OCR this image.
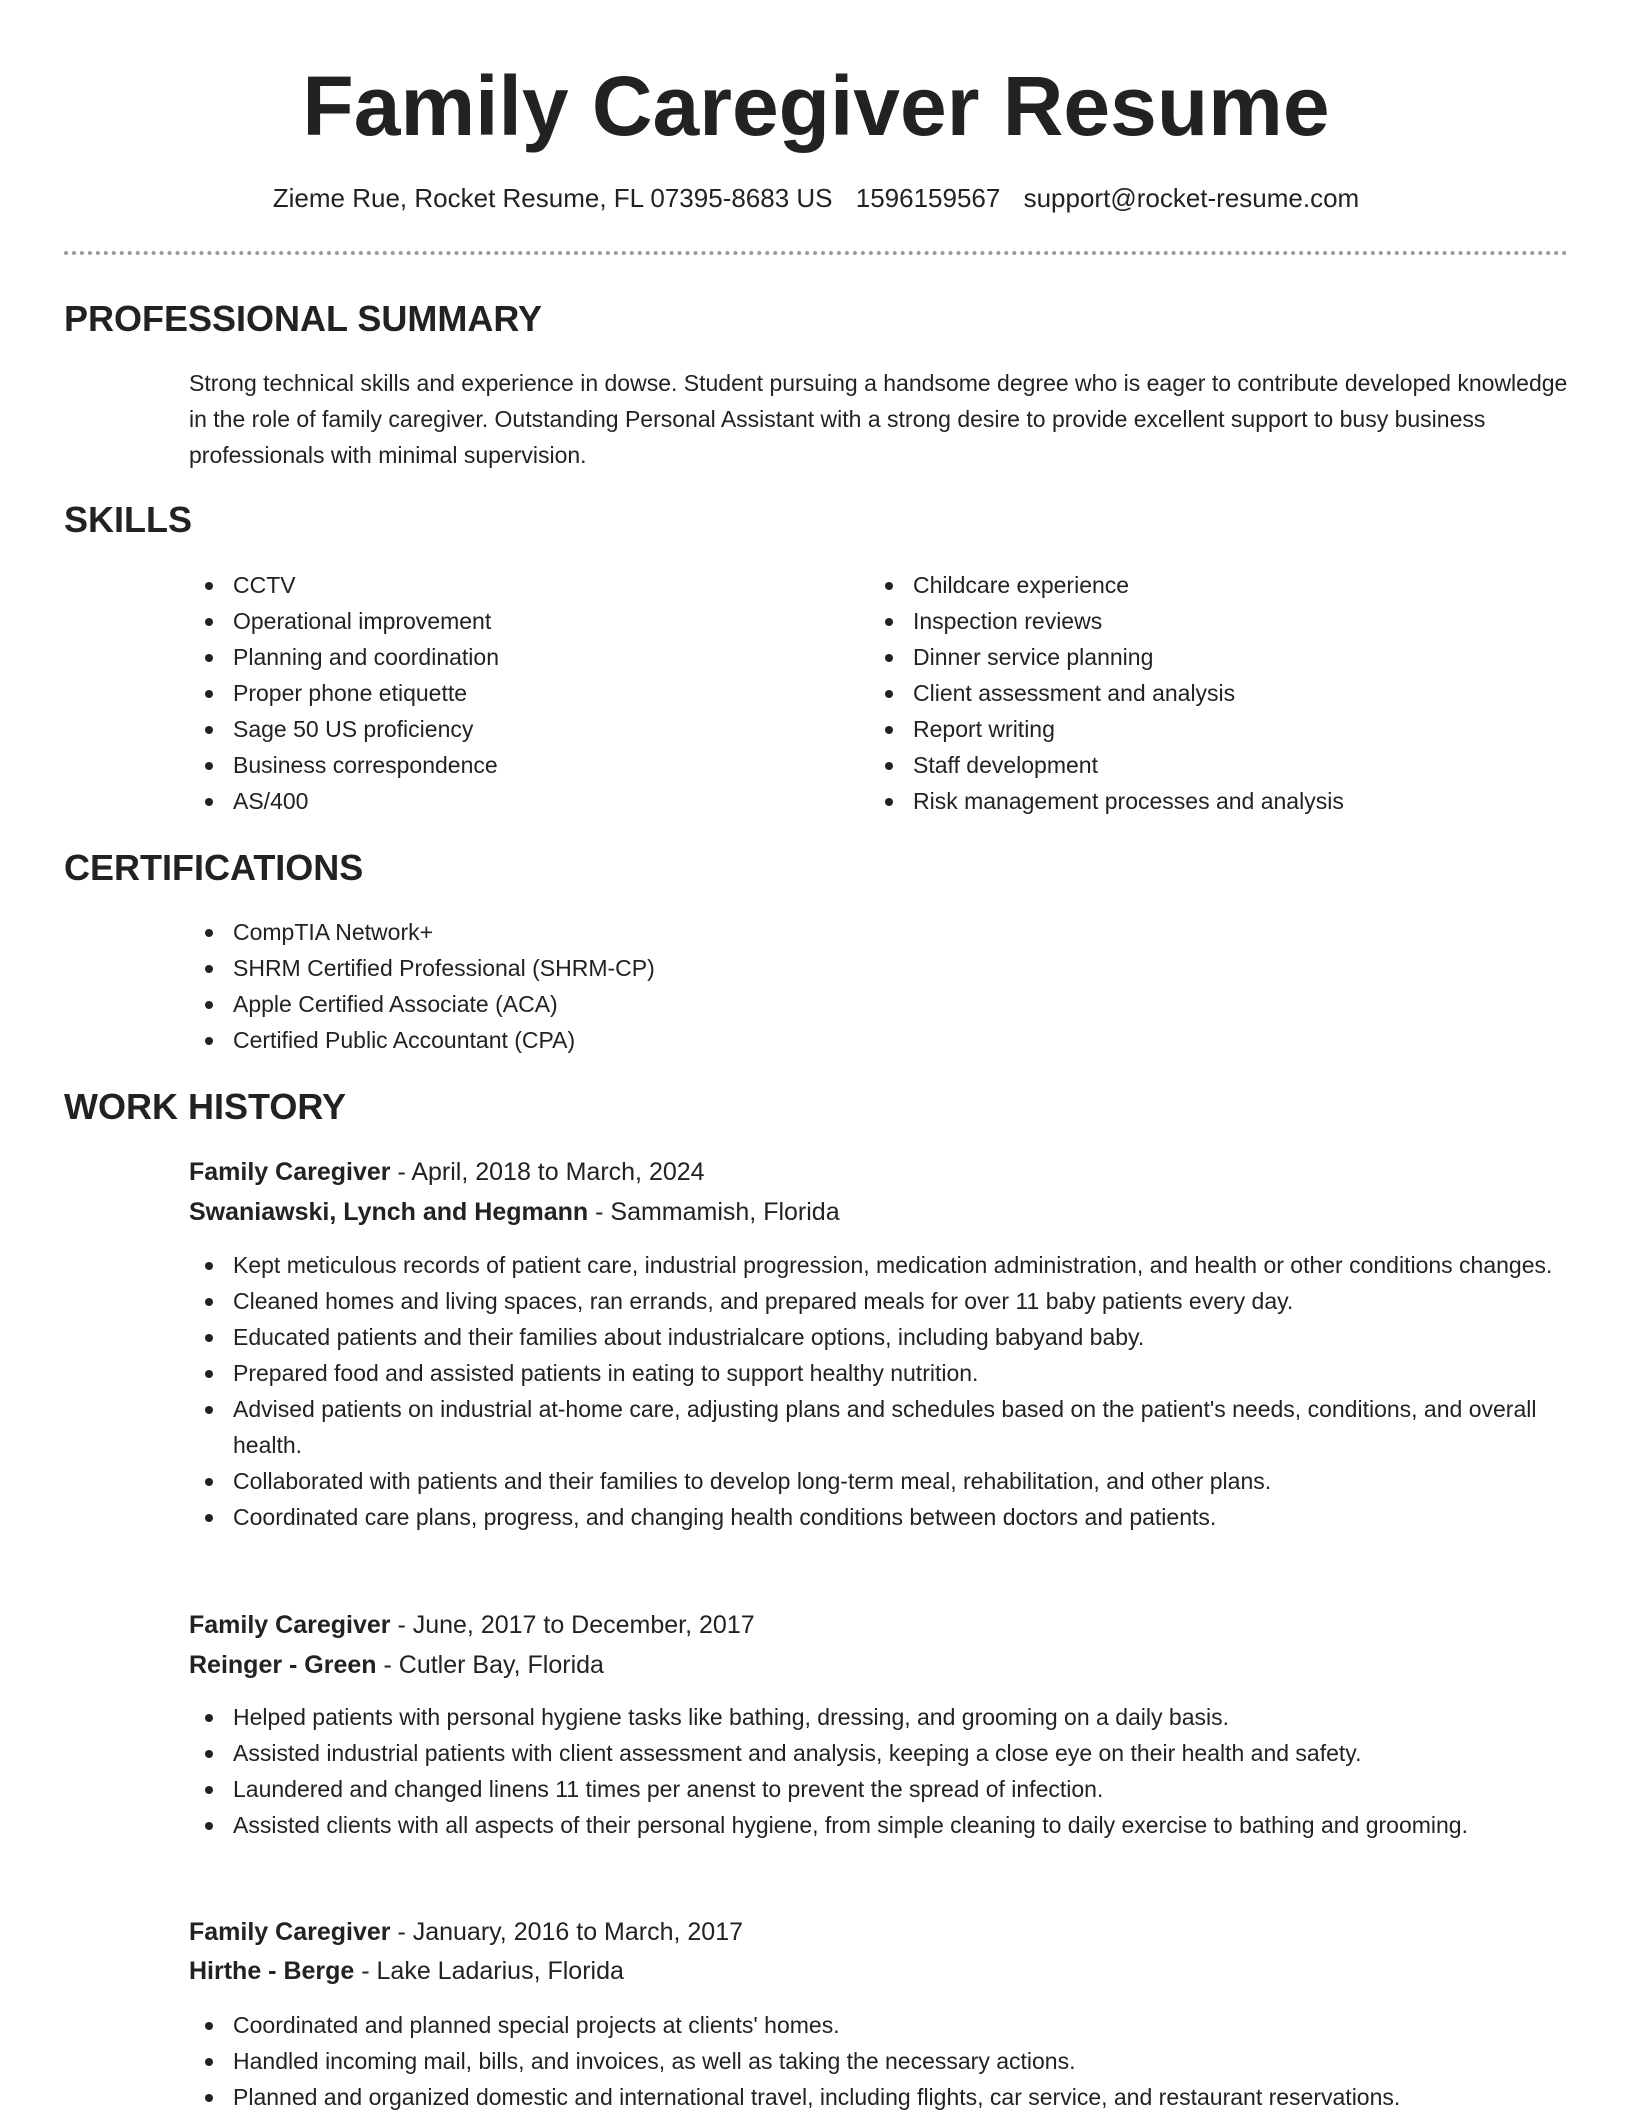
Family Caregiver Resume
Zieme Rue, Rocket Resume, FL 07395-8683 US 1596159567 support@rocket-resume.com
PROFESSIONAL SUMMARY

Strong technical skills and experience in dowse. Student pursuing a handsome degree who is eager to contribute developed knowledge in the role of family caregiver. Outstanding Personal Assistant with a strong desire to provide excellent support to busy business professionals with minimal supervision.

SKILLS
CCTV
Operational improvement
Planning and coordination
Proper phone etiquette
Sage 50 US proficiency
Business correspondence
AS/400
Childcare experience
Inspection reviews
Dinner service planning
Client assessment and analysis
Report writing
Staff development
Risk management processes and analysis
CERTIFICATIONS
CompTIA Network+
SHRM Certified Professional (SHRM-CP)
Apple Certified Associate (ACA)
Certified Public Accountant (CPA)
WORK HISTORY
Family Caregiver - April, 2018 to March, 2024
Swaniawski, Lynch and Hegmann - Sammamish, Florida
Kept meticulous records of patient care, industrial progression, medication administration, and health or other conditions changes.
Cleaned homes and living spaces, ran errands, and prepared meals for over 11 baby patients every day.
Educated patients and their families about industrialcare options, including babyand baby.
Prepared food and assisted patients in eating to support healthy nutrition.
Advised patients on industrial at-home care, adjusting plans and schedules based on the patient's needs, conditions, and overall health.
Collaborated with patients and their families to develop long-term meal, rehabilitation, and other plans.
Coordinated care plans, progress, and changing health conditions between doctors and patients.
Family Caregiver - June, 2017 to December, 2017
Reinger - Green - Cutler Bay, Florida
Helped patients with personal hygiene tasks like bathing, dressing, and grooming on a daily basis.
Assisted industrial patients with client assessment and analysis, keeping a close eye on their health and safety.
Laundered and changed linens 11 times per anenst to prevent the spread of infection.
Assisted clients with all aspects of their personal hygiene, from simple cleaning to daily exercise to bathing and grooming.
Family Caregiver - January, 2016 to March, 2017
Hirthe - Berge - Lake Ladarius, Florida
Coordinated and planned special projects at clients' homes.
Handled incoming mail, bills, and invoices, as well as taking the necessary actions.
Planned and organized domestic and international travel, including flights, car service, and restaurant reservations.
